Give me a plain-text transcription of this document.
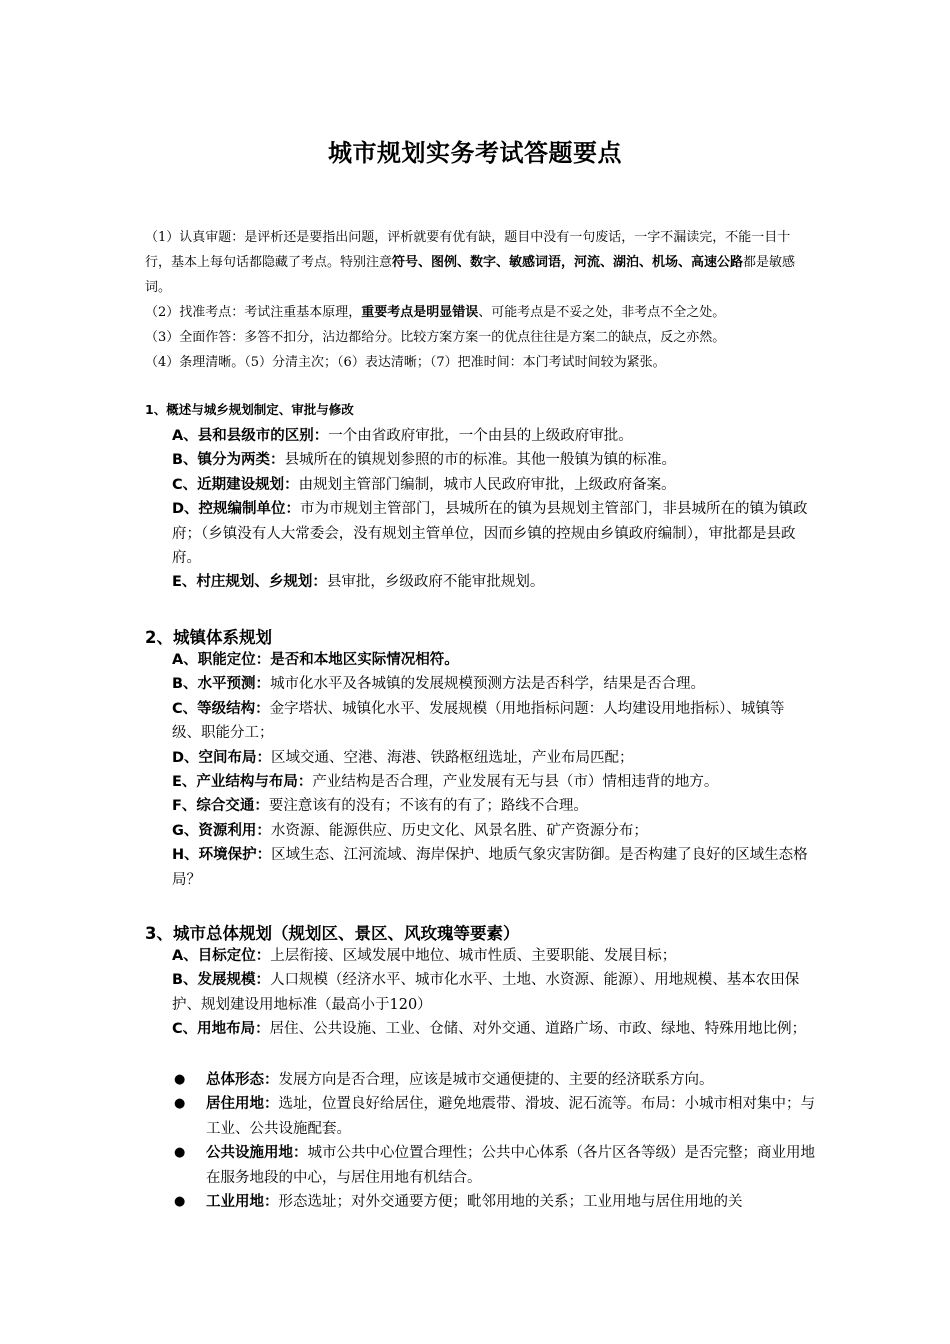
城市规划实务考试答题要点

（1）认真审题：是评析还是要指出问题，评析就要有优有缺，题目中没有一句废话，一字不漏读完，不能一目十行，基本上每句话都隐藏了考点。特别注意符号、图例、数字、敏感词语，河流、湖泊、机场、高速公路都是敏感词。

（2）找准考点：考试注重基本原理，重要考点是明显错误、可能考点是不妥之处，非考点不全之处。

（3）全面作答：多答不扣分，沾边都给分。比较方案方案一的优点往往是方案二的缺点，反之亦然。

（4）条理清晰。（5）分清主次；（6）表达清晰；（7）把准时间：本门考试时间较为紧张。

1、概述与城乡规划制定、审批与修改

A、县和县级市的区别：一个由省政府审批，一个由县的上级政府审批。

B、镇分为两类：县城所在的镇规划参照的市的标准。其他一般镇为镇的标准。

C、近期建设规划：由规划主管部门编制，城市人民政府审批，上级政府备案。

D、控规编制单位：市为市规划主管部门，县城所在的镇为县规划主管部门，非县城所在的镇为镇政府；（乡镇没有人大常委会，没有规划主管单位，因而乡镇的控规由乡镇政府编制），审批都是县政府。

E、村庄规划、乡规划：县审批，乡级政府不能审批规划。

2、城镇体系规划

A、职能定位：是否和本地区实际情况相符。

B、水平预测：城市化水平及各城镇的发展规模预测方法是否科学，结果是否合理。

C、等级结构：金字塔状、城镇化水平、发展规模（用地指标问题：人均建设用地指标）、城镇等级、职能分工；

D、空间布局：区域交通、空港、海港、铁路枢纽选址，产业布局匹配；

E、产业结构与布局：产业结构是否合理，产业发展有无与县（市）情相违背的地方。

F、综合交通：要注意该有的没有；不该有的有了；路线不合理。

G、资源利用：水资源、能源供应、历史文化、风景名胜、矿产资源分布；

H、环境保护：区域生态、江河流域、海岸保护、地质气象灾害防御。是否构建了良好的区域生态格局？

3、城市总体规划（规划区、景区、风玫瑰等要素）

A、目标定位：上层衔接、区域发展中地位、城市性质、主要职能、发展目标；

B、发展规模：人口规模（经济水平、城市化水平、土地、水资源、能源）、用地规模、基本农田保护、规划建设用地标准（最高小于120）

C、用地布局：居住、公共设施、工业、仓储、对外交通、道路广场、市政、绿地、特殊用地比例；

● 总体形态：发展方向是否合理，应该是城市交通便捷的、主要的经济联系方向。

● 居住用地：选址，位置良好给居住，避免地震带、滑坡、泥石流等。布局：小城市相对集中；与工业、公共设施配套。

● 公共设施用地：城市公共中心位置合理性；公共中心体系（各片区各等级）是否完整；商业用地在服务地段的中心，与居住用地有机结合。

● 工业用地：形态选址；对外交通要方便；毗邻用地的关系；工业用地与居住用地的关
